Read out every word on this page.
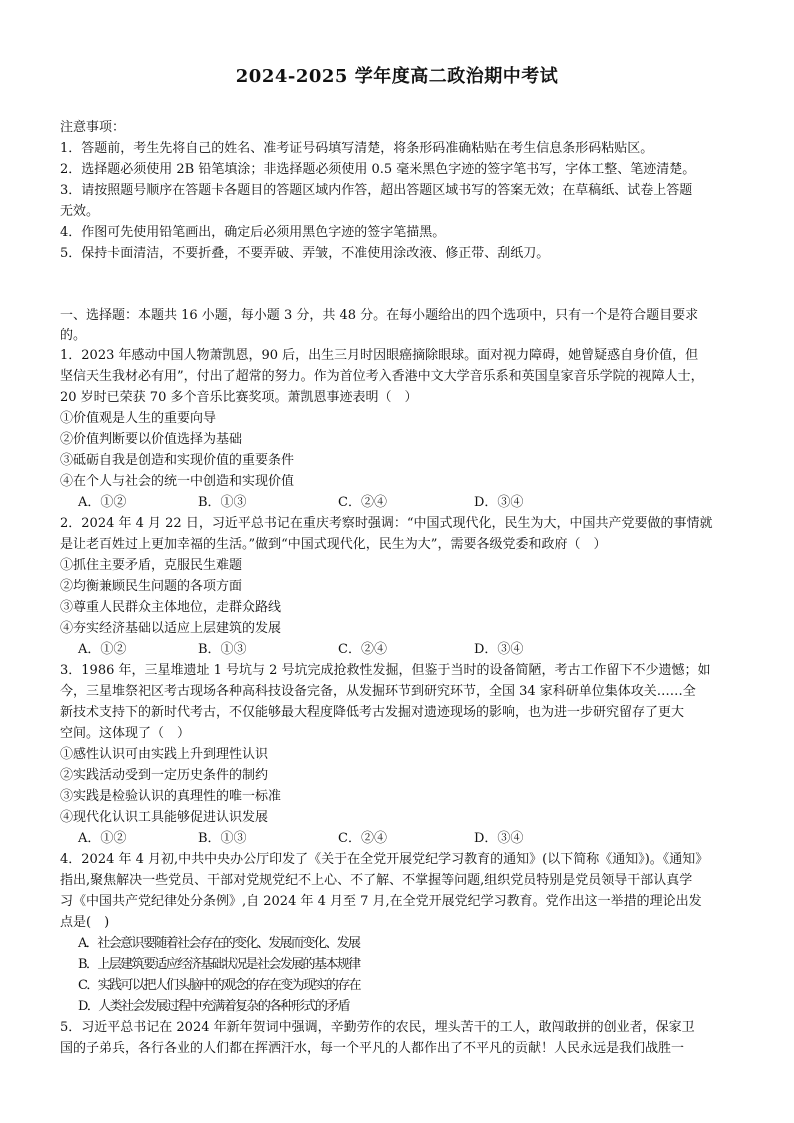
2024-2025 学年度高二政治期中考试
注意事项：
1．答题前，考生先将自己的姓名、准考证号码填写清楚，将条形码准确粘贴在考生信息条形码粘贴区。
2．选择题必须使用 2B 铅笔填涂；非选择题必须使用 0.5 毫米黑色字迹的签字笔书写，字体工整、笔迹清楚。
3．请按照题号顺序在答题卡各题目的答题区域内作答，超出答题区域书写的答案无效；在草稿纸、试卷上答题
无效。
4．作图可先使用铅笔画出，确定后必须用黑色字迹的签字笔描黑。
5．保持卡面清洁，不要折叠，不要弄破、弄皱，不准使用涂改液、修正带、刮纸刀。
一、选择题：本题共 16 小题，每小题 3 分，共 48 分。在每小题给出的四个选项中，只有一个是符合题目要求
的。
1．2023 年感动中国人物萧凯恩，90 后，出生三月时因眼癌摘除眼球。面对视力障碍，她曾疑惑自身价值，但
坚信天生我材必有用”，付出了超常的努力。作为首位考入香港中文大学音乐系和英国皇家音乐学院的视障人士，
20 岁时已荣获 70 多个音乐比赛奖项。萧凯恩事迹表明（　）
①价值观是人生的重要向导
②价值判断要以价值选择为基础
③砥砺自我是创造和实现价值的重要条件
④在个人与社会的统一中创造和实现价值
A．①②	B．①③	C．②④	D．③④
2．2024 年 4 月 22 日，习近平总书记在重庆考察时强调：“中国式现代化，民生为大，中国共产党要做的事情就
是让老百姓过上更加幸福的生活。”做到“中国式现代化，民生为大”，需要各级党委和政府（　）
①抓住主要矛盾，克服民生难题
②均衡兼顾民生问题的各项方面
③尊重人民群众主体地位，走群众路线
④夯实经济基础以适应上层建筑的发展
A．①②	B．①③	C．②④	D．③④
3．1986 年，三星堆遗址 1 号坑与 2 号坑完成抢救性发掘，但鉴于当时的设备简陋，考古工作留下不少遗憾；如
今，三星堆祭祀区考古现场各种高科技设备完备，从发掘环节到研究环节，全国 34 家科研单位集体攻关……全
新技术支持下的新时代考古，不仅能够最大程度降低考古发掘对遗迹现场的影响，也为进一步研究留存了更大
空间。这体现了（　）
①感性认识可由实践上升到理性认识
②实践活动受到一定历史条件的制约
③实践是检验认识的真理性的唯一标准
④现代化认识工具能够促进认识发展
A．①②	B．①③	C．②④	D．③④
4．2024 年 4 月初,中共中央办公厅印发了《关于在全党开展党纪学习教育的通知》(以下简称《通知》)。《通知》
指出,聚焦解决一些党员、干部对党规党纪不上心、不了解、不掌握等问题,组织党员特别是党员领导干部认真学
习《中国共产党纪律处分条例》,自 2024 年 4 月至 7 月,在全党开展党纪学习教育。党作出这一举措的理论出发
点是(　)
A．社会意识要随着社会存在的变化、发展而变化、发展
B．上层建筑要适应经济基础状况是社会发展的基本规律
C．实践可以把人们头脑中的观念的存在变为现实的存在
D．人类社会发展过程中充满着复杂的各种形式的矛盾
5．习近平总书记在 2024 年新年贺词中强调，辛勤劳作的农民，埋头苦干的工人，敢闯敢拼的创业者，保家卫
国的子弟兵，各行各业的人们都在挥洒汗水，每一个平凡的人都作出了不平凡的贡献！人民永远是我们战胜一
